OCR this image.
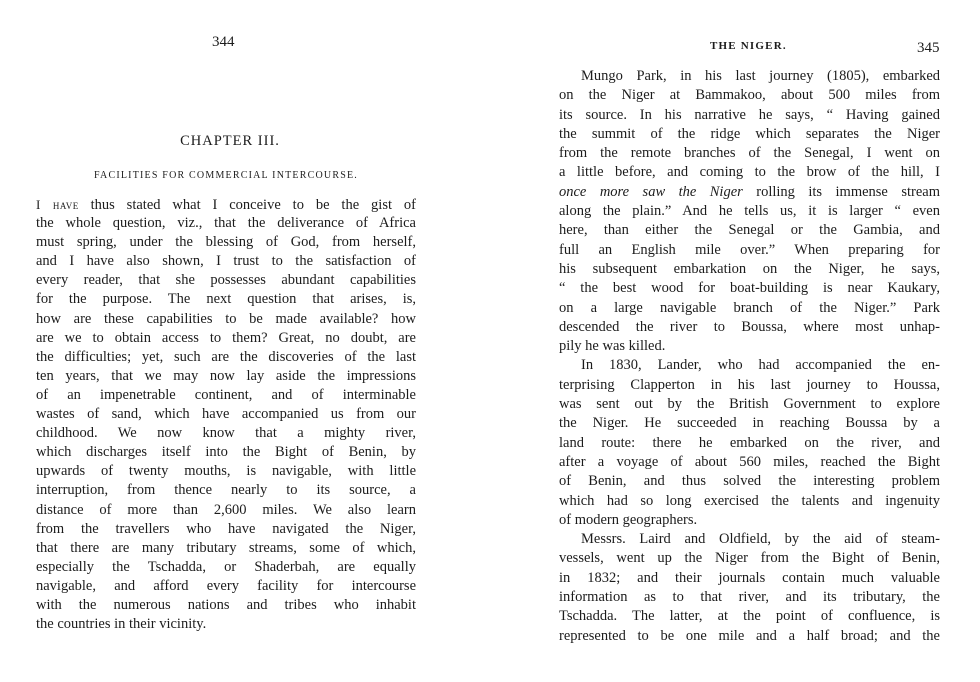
344
CHAPTER III.
FACILITIES FOR COMMERCIAL INTERCOURSE.
I have thus stated what I conceive to be the gist of
the whole question, viz., that the deliverance of Africa
must spring, under the blessing of God, from herself,
and I have also shown, I trust to the satisfaction of
every reader, that she possesses abundant capabilities
for the purpose. The next question that arises, is,
how are these capabilities to be made available? how
are we to obtain access to them? Great, no doubt, are
the difficulties; yet, such are the discoveries of the last
ten years, that we may now lay aside the impressions
of an impenetrable continent, and of interminable
wastes of sand, which have accompanied us from our
childhood. We now know that a mighty river,
which discharges itself into the Bight of Benin, by
upwards of twenty mouths, is navigable, with little
interruption, from thence nearly to its source, a
distance of more than 2,600 miles. We also learn
from the travellers who have navigated the Niger,
that there are many tributary streams, some of which,
especially the Tschadda, or Shaderbah, are equally
navigable, and afford every facility for intercourse
with the numerous nations and tribes who inhabit
the countries in their vicinity.
THE NIGER.	345
Mungo Park, in his last journey (1805), embarked
on the Niger at Bammakoo, about 500 miles from
its source. In his narrative he says, “ Having gained
the summit of the ridge which separates the Niger
from the remote branches of the Senegal, I went on
a little before, and coming to the brow of the hill, I
once more saw the Niger rolling its immense stream
along the plain.” And he tells us, it is larger “ even
here, than either the Senegal or the Gambia, and
full an English mile over.” When preparing for
his subsequent embarkation on the Niger, he says,
“ the best wood for boat-building is near Kaukary,
on a large navigable branch of the Niger.” Park
descended the river to Boussa, where most unhap-
pily he was killed.
In 1830, Lander, who had accompanied the en-
terprising Clapperton in his last journey to Houssa,
was sent out by the British Government to explore
the Niger. He succeeded in reaching Boussa by a
land route: there he embarked on the river, and
after a voyage of about 560 miles, reached the Bight
of Benin, and thus solved the interesting problem
which had so long exercised the talents and ingenuity
of modern geographers.
Messrs. Laird and Oldfield, by the aid of steam-
vessels, went up the Niger from the Bight of Benin,
in 1832; and their journals contain much valuable
information as to that river, and its tributary, the
Tschadda. The latter, at the point of confluence, is
represented to be one mile and a half broad; and the
